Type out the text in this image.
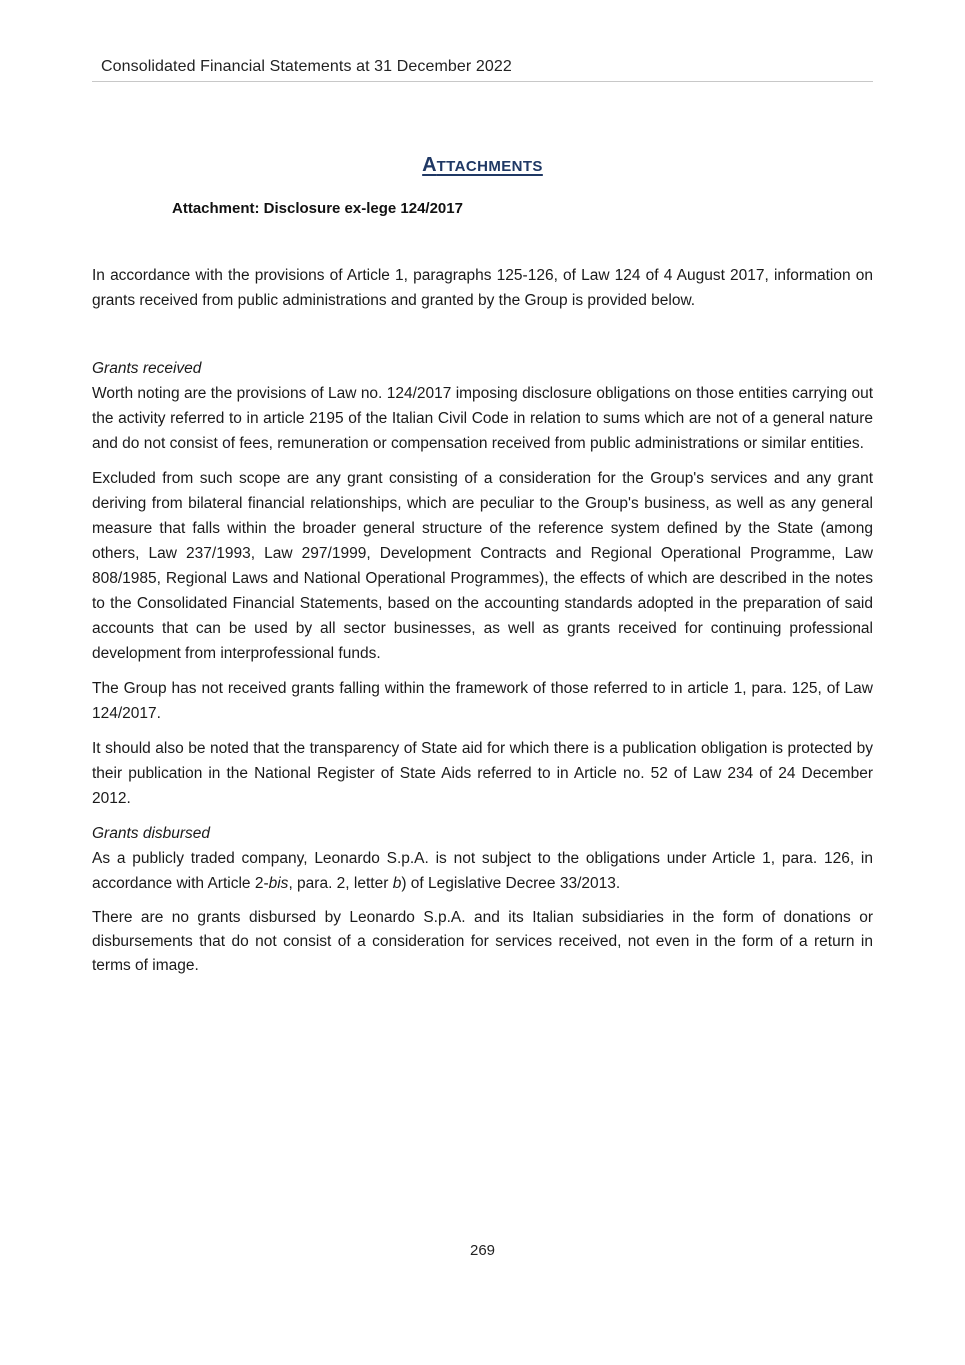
Consolidated Financial Statements at 31 December 2022
ATTACHMENTS
Attachment: Disclosure ex-lege 124/2017

In accordance with the provisions of Article 1, paragraphs 125-126, of Law 124 of 4 August 2017, information on grants received from public administrations and granted by the Group is provided below.

Grants received

Worth noting are the provisions of Law no. 124/2017 imposing disclosure obligations on those entities carrying out the activity referred to in article 2195 of the Italian Civil Code in relation to sums which are not of a general nature and do not consist of fees, remuneration or compensation received from public administrations or similar entities.

Excluded from such scope are any grant consisting of a consideration for the Group's services and any grant deriving from bilateral financial relationships, which are peculiar to the Group's business, as well as any general measure that falls within the broader general structure of the reference system defined by the State (among others, Law 237/1993, Law 297/1999, Development Contracts and Regional Operational Programme, Law 808/1985, Regional Laws and National Operational Programmes), the effects of which are described in the notes to the Consolidated Financial Statements, based on the accounting standards adopted in the preparation of said accounts that can be used by all sector businesses, as well as grants received for continuing professional development from interprofessional funds.

The Group has not received grants falling within the framework of those referred to in article 1, para. 125, of Law 124/2017.

It should also be noted that the transparency of State aid for which there is a publication obligation is protected by their publication in the National Register of State Aids referred to in Article no. 52 of Law 234 of 24 December 2012.

Grants disbursed

As a publicly traded company, Leonardo S.p.A. is not subject to the obligations under Article 1, para. 126, in accordance with Article 2-bis, para. 2, letter b) of Legislative Decree 33/2013.

There are no grants disbursed by Leonardo S.p.A. and its Italian subsidiaries in the form of donations or disbursements that do not consist of a consideration for services received, not even in the form of a return in terms of image.

269
